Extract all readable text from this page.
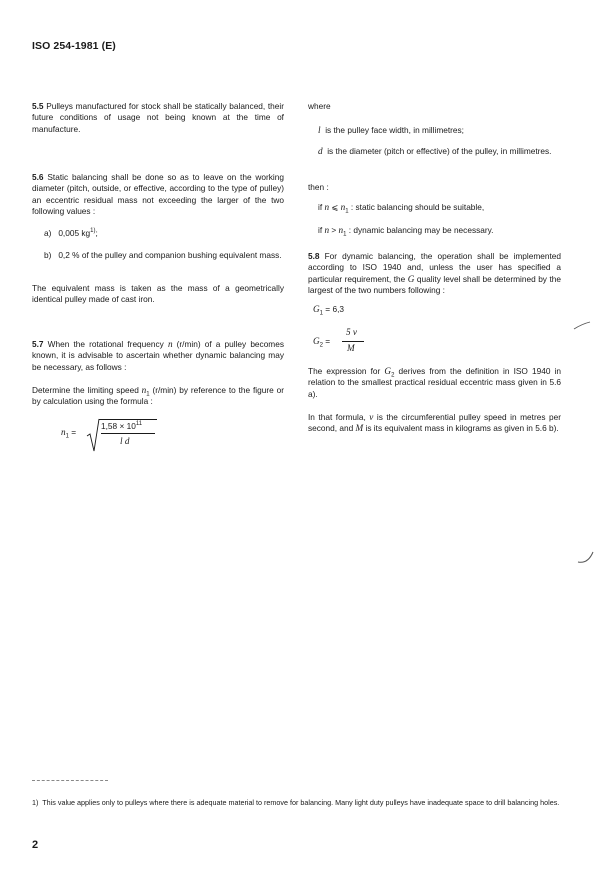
ISO 254-1981 (E)
5.5 Pulleys manufactured for stock shall be statically balanced, their future conditions of usage not being known at the time of manufacture.
5.6 Static balancing shall be done so as to leave on the working diameter (pitch, outside, or effective, according to the type of pulley) an eccentric residual mass not exceeding the larger of the two following values :
a) 0,005 $kg^{1)}$;
b) 0,2 % of the pulley and companion bushing equivalent mass.
The equivalent mass is taken as the mass of a geometrically identical pulley made of cast iron.
5.7 When the rotational frequency n (r/min) of a pulley becomes known, it is advisable to ascertain whether dynamic balancing may be necessary, as follows :
Determine the limiting speed $n_1$ (r/min) by reference to the figure or by calculation using the formula :
$n_1$ =
$1,58 \times 10^{11}$
l d
where
l is the pulley face width, in millimetres;
d is the diameter (pitch or effective) of the pulley, in millimetres.
then :
if n ⩽ $n_1$ : static balancing should be suitable,
if $n > n_1$ : dynamic balancing may be necessary.
5.8 For dynamic balancing, the operation shall be implemented according to ISO 1940 and, unless the user has specified a particular requirement, the G quality level shall be determined by the largest of the two numbers following :
$G_1 = 6,3$
$G_2$ =
5 v
M
The expression for $G_2$ derives from the definition in ISO 1940 in relation to the smallest practical residual eccentric mass given in 5.6 a).
In that formula, v is the circumferential pulley speed in metres per second, and M is its equivalent mass in kilograms as given in 5.6 b).
1) This value applies only to pulleys where there is adequate material to remove for balancing. Many light duty pulleys have inadequate space to drill balancing holes.
2
